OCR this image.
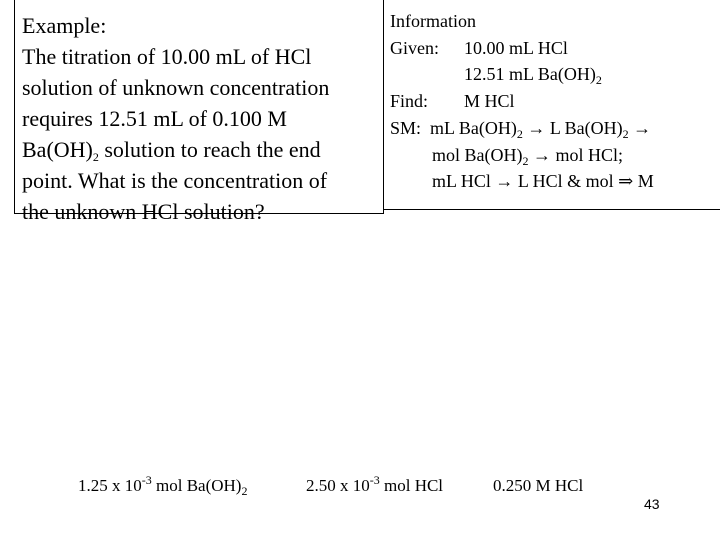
Example:
The titration of 10.00 mL of HCl
solution of unknown concentration
requires 12.51 mL of 0.100 M
$Ba(OH)_2$ solution to reach the end
point. What is the concentration of
the unknown HCl solution?
Information
Given: 10.00 mL HCl
12.51 mL $Ba(OH)_2$
Find: M HCl
SM: mL $Ba(OH)_2 \to L$ $Ba(OH)_2$ →
mol $Ba(OH)_2$ → mol HCl;
mL HCl → L HCl & mol ⇒ M
1.25 x $10^{-3}$ mol $Ba(OH)_2$	2.50 x $10^{-3}$ mol HCl	0.250 M HCl
43
